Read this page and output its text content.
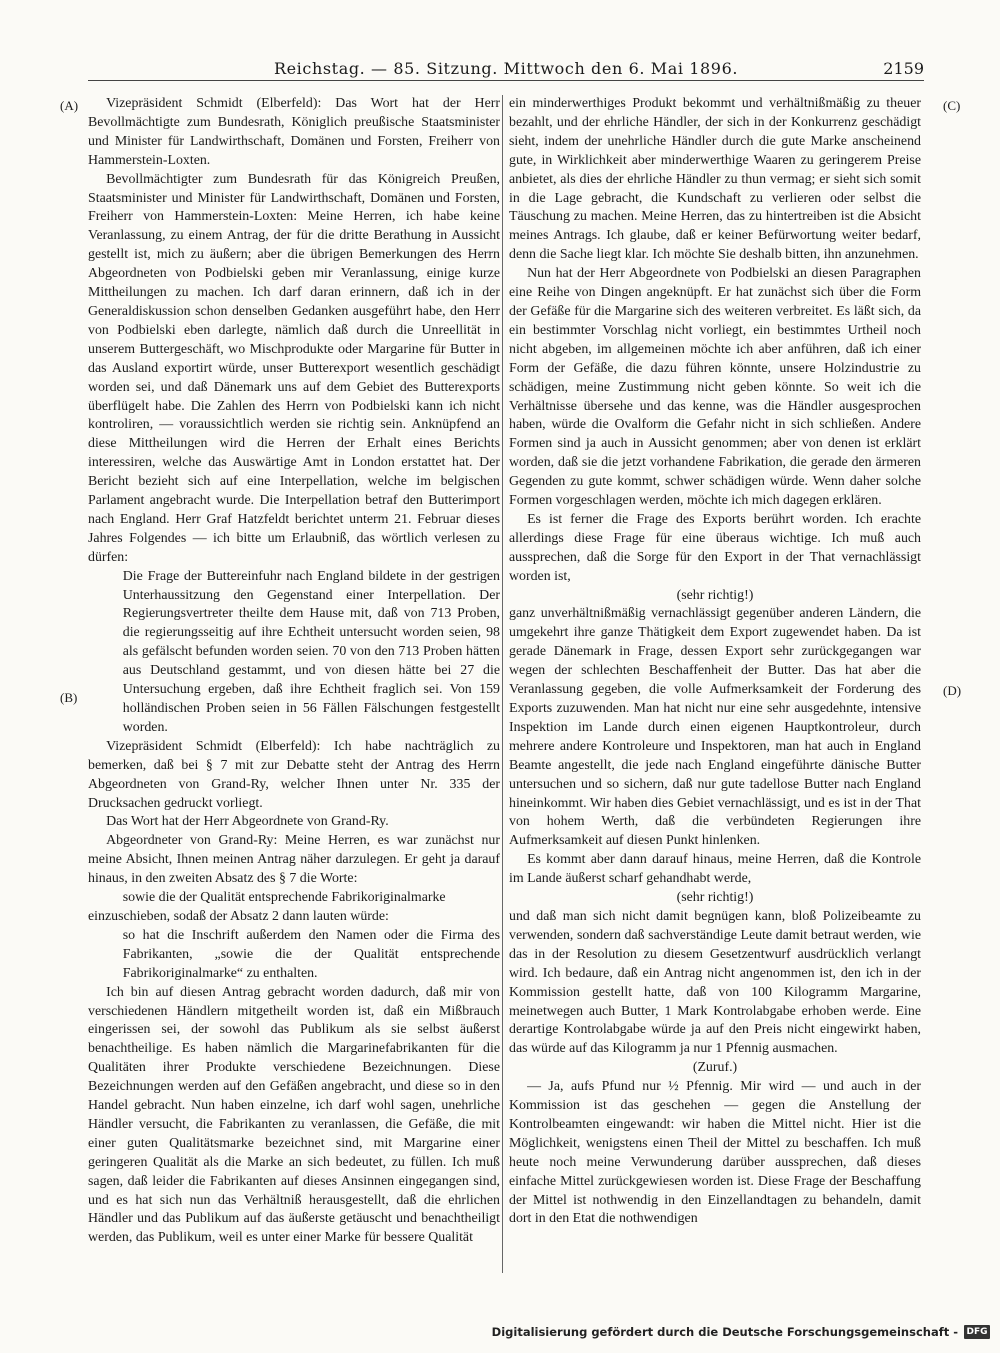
Reichstag. — 85. Sitzung. Mittwoch den 6. Mai 1896.	2159
(A)
(B)
(C)
(D)

Vizepräsident Schmidt (Elberfeld): Das Wort hat der Herr Bevollmächtigte zum Bundesrath, Königlich preußische Staatsminister und Minister für Landwirthschaft, Domänen und Forsten, Freiherr von Hammerstein-Loxten.

Bevollmächtigter zum Bundesrath für das Königreich Preußen, Staatsminister und Minister für Landwirthschaft, Domänen und Forsten, Freiherr von Hammerstein-Loxten: Meine Herren, ich habe keine Veranlassung, zu einem Antrag, der für die dritte Berathung in Aussicht gestellt ist, mich zu äußern; aber die übrigen Bemerkungen des Herrn Abgeordneten von Podbielski geben mir Veranlassung, einige kurze Mittheilungen zu machen. Ich darf daran erinnern, daß ich in der Generaldiskussion schon denselben Gedanken ausgeführt habe, den Herr von Podbielski eben darlegte, nämlich daß durch die Unreellität in unserem Buttergeschäft, wo Mischprodukte oder Margarine für Butter in das Ausland exportirt würde, unser Butterexport wesentlich geschädigt worden sei, und daß Dänemark uns auf dem Gebiet des Butterexports überflügelt habe. Die Zahlen des Herrn von Podbielski kann ich nicht kontroliren, — voraussichtlich werden sie richtig sein. Anknüpfend an diese Mittheilungen wird die Herren der Erhalt eines Berichts interessiren, welche das Auswärtige Amt in London erstattet hat. Der Bericht bezieht sich auf eine Interpellation, welche im belgischen Parlament angebracht wurde. Die Interpellation betraf den Butterimport nach England. Herr Graf Hatzfeldt berichtet unterm 21. Februar dieses Jahres Folgendes — ich bitte um Erlaubniß, das wörtlich verlesen zu dürfen:

Die Frage der Buttereinfuhr nach England bildete in der gestrigen Unterhaussitzung den Gegenstand einer Interpellation. Der Regierungsvertreter theilte dem Hause mit, daß von 713 Proben, die regierungsseitig auf ihre Echtheit untersucht worden seien, 98 als gefälscht befunden worden seien. 70 von den 713 Proben hätten aus Deutschland gestammt, und von diesen hätte bei 27 die Untersuchung ergeben, daß ihre Echtheit fraglich sei. Von 159 holländischen Proben seien in 56 Fällen Fälschungen festgestellt worden.

Vizepräsident Schmidt (Elberfeld): Ich habe nachträglich zu bemerken, daß bei § 7 mit zur Debatte steht der Antrag des Herrn Abgeordneten von Grand-Ry, welcher Ihnen unter Nr. 335 der Drucksachen gedruckt vorliegt.

Das Wort hat der Herr Abgeordnete von Grand-Ry.

Abgeordneter von Grand-Ry: Meine Herren, es war zunächst nur meine Absicht, Ihnen meinen Antrag näher darzulegen. Er geht ja darauf hinaus, in den zweiten Absatz des § 7 die Worte:

sowie die der Qualität entsprechende Fabrikoriginalmarke

einzuschieben, sodaß der Absatz 2 dann lauten würde:

so hat die Inschrift außerdem den Namen oder die Firma des Fabrikanten, „sowie die der Qualität entsprechende Fabrikoriginalmarke“ zu enthalten.

Ich bin auf diesen Antrag gebracht worden dadurch, daß mir von verschiedenen Händlern mitgetheilt worden ist, daß ein Mißbrauch eingerissen sei, der sowohl das Publikum als sie selbst äußerst benachtheilige. Es haben nämlich die Margarinefabrikanten für die Qualitäten ihrer Produkte verschiedene Bezeichnungen. Diese Bezeichnungen werden auf den Gefäßen angebracht, und diese so in den Handel gebracht. Nun haben einzelne, ich darf wohl sagen, unehrliche Händler versucht, die Fabrikanten zu veranlassen, die Gefäße, die mit einer guten Qualitätsmarke bezeichnet sind, mit Margarine einer geringeren Qualität als die Marke an sich bedeutet, zu füllen. Ich muß sagen, daß leider die Fabrikanten auf dieses Ansinnen eingegangen sind, und es hat sich nun das Verhältniß herausgestellt, daß die ehrlichen Händler und das Publikum auf das äußerste getäuscht und benachtheiligt werden, das Publikum, weil es unter einer Marke für bessere Qualität

ein minderwerthiges Produkt bekommt und verhältnißmäßig zu theuer bezahlt, und der ehrliche Händler, der sich in der Konkurrenz geschädigt sieht, indem der unehrliche Händler durch die gute Marke anscheinend gute, in Wirklichkeit aber minderwerthige Waaren zu geringerem Preise anbietet, als dies der ehrliche Händler zu thun vermag; er sieht sich somit in die Lage gebracht, die Kundschaft zu verlieren oder selbst die Täuschung zu machen. Meine Herren, das zu hintertreiben ist die Absicht meines Antrags. Ich glaube, daß er keiner Befürwortung weiter bedarf, denn die Sache liegt klar. Ich möchte Sie deshalb bitten, ihn anzunehmen.

Nun hat der Herr Abgeordnete von Podbielski an diesen Paragraphen eine Reihe von Dingen angeknüpft. Er hat zunächst sich über die Form der Gefäße für die Margarine sich des weiteren verbreitet. Es läßt sich, da ein bestimmter Vorschlag nicht vorliegt, ein bestimmtes Urtheil noch nicht abgeben, im allgemeinen möchte ich aber anführen, daß ich einer Form der Gefäße, die dazu führen könnte, unsere Holzindustrie zu schädigen, meine Zustimmung nicht geben könnte. So weit ich die Verhältnisse übersehe und das kenne, was die Händler ausgesprochen haben, würde die Ovalform die Gefahr nicht in sich schließen. Andere Formen sind ja auch in Aussicht genommen; aber von denen ist erklärt worden, daß sie die jetzt vorhandene Fabrikation, die gerade den ärmeren Gegenden zu gute kommt, schwer schädigen würde. Wenn daher solche Formen vorgeschlagen werden, möchte ich mich dagegen erklären.

Es ist ferner die Frage des Exports berührt worden. Ich erachte allerdings diese Frage für eine überaus wichtige. Ich muß auch aussprechen, daß die Sorge für den Export in der That vernachlässigt worden ist,

(sehr richtig!)

ganz unverhältnißmäßig vernachlässigt gegenüber anderen Ländern, die umgekehrt ihre ganze Thätigkeit dem Export zugewendet haben. Da ist gerade Dänemark in Frage, dessen Export sehr zurückgegangen war wegen der schlechten Beschaffenheit der Butter. Das hat aber die Veranlassung gegeben, die volle Aufmerksamkeit der Forderung des Exports zuzuwenden. Man hat nicht nur eine sehr ausgedehnte, intensive Inspektion im Lande durch einen eigenen Hauptkontroleur, durch mehrere andere Kontroleure und Inspektoren, man hat auch in England Beamte angestellt, die jede nach England eingeführte dänische Butter untersuchen und so sichern, daß nur gute tadellose Butter nach England hineinkommt. Wir haben dies Gebiet vernachlässigt, und es ist in der That von hohem Werth, daß die verbündeten Regierungen ihre Aufmerksamkeit auf diesen Punkt hinlenken.

Es kommt aber dann darauf hinaus, meine Herren, daß die Kontrole im Lande äußerst scharf gehandhabt werde,

(sehr richtig!)

und daß man sich nicht damit begnügen kann, bloß Polizeibeamte zu verwenden, sondern daß sachverständige Leute damit betraut werden, wie das in der Resolution zu diesem Gesetzentwurf ausdrücklich verlangt wird. Ich bedaure, daß ein Antrag nicht angenommen ist, den ich in der Kommission gestellt hatte, daß von 100 Kilogramm Margarine, meinetwegen auch Butter, 1 Mark Kontrolabgabe erhoben werde. Eine derartige Kontrolabgabe würde ja auf den Preis nicht eingewirkt haben, das würde auf das Kilogramm ja nur 1 Pfennig ausmachen.

(Zuruf.)

— Ja, aufs Pfund nur ½ Pfennig. Mir wird — und auch in der Kommission ist das geschehen — gegen die Anstellung der Kontrolbeamten eingewandt: wir haben die Mittel nicht. Hier ist die Möglichkeit, wenigstens einen Theil der Mittel zu beschaffen. Ich muß heute noch meine Verwunderung darüber aussprechen, daß dieses einfache Mittel zurückgewiesen worden ist. Diese Frage der Beschaffung der Mittel ist nothwendig in den Einzellandtagen zu behandeln, damit dort in den Etat die nothwendigen

Digitalisierung gefördert durch die Deutsche Forschungsgemeinschaft - DFG
